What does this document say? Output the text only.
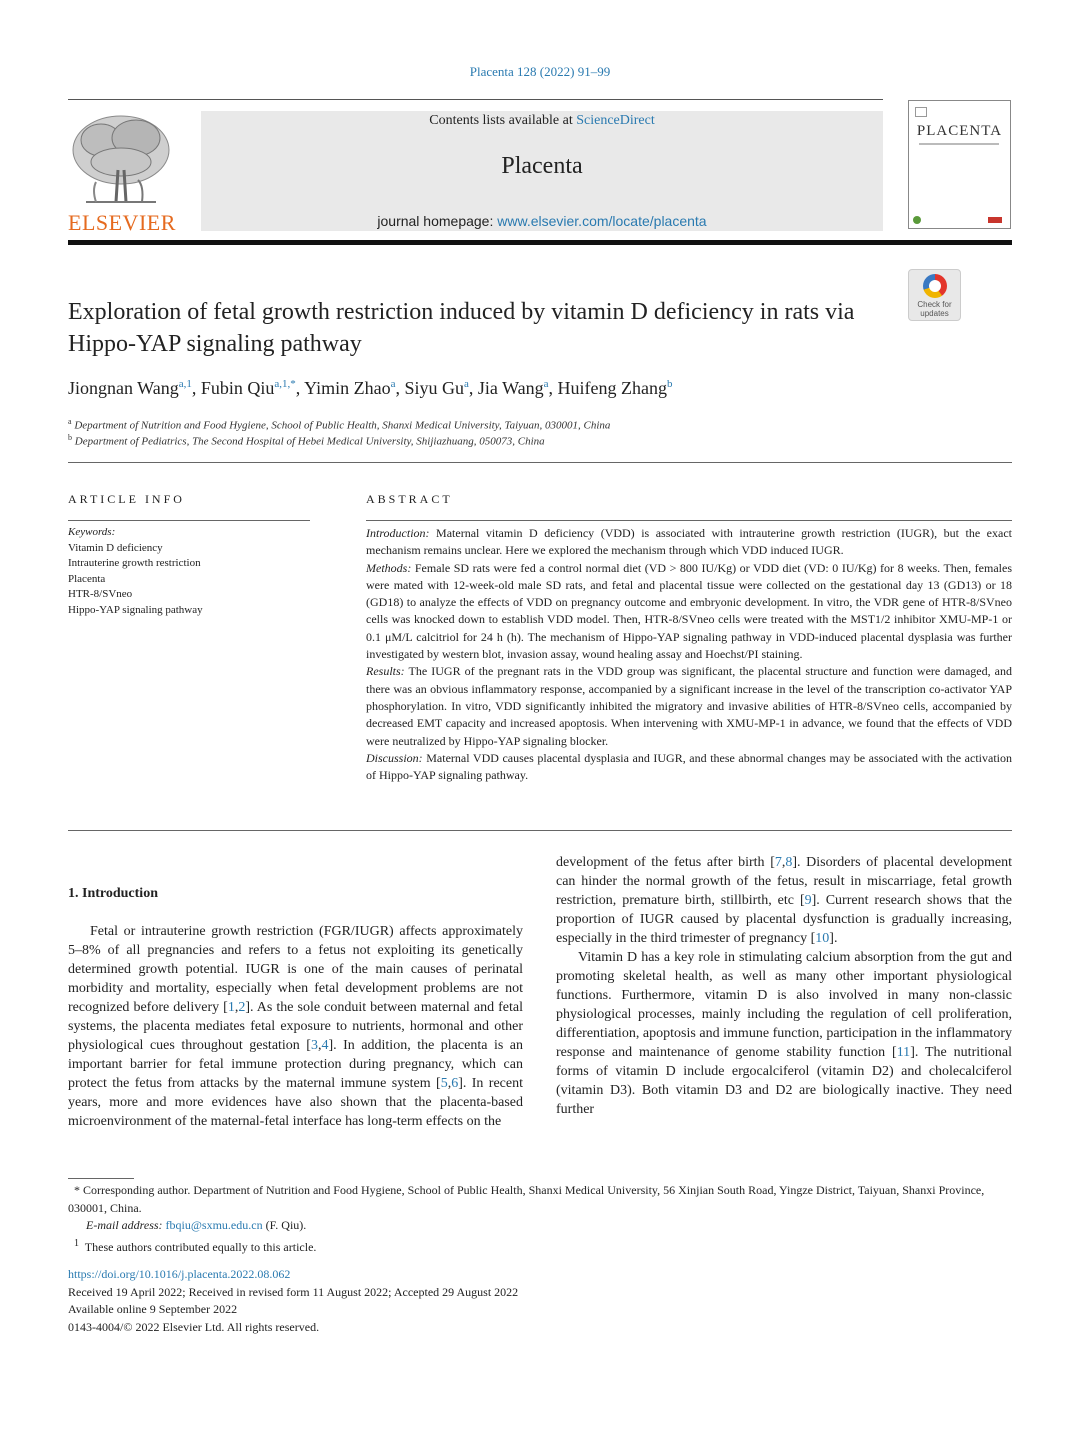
Placenta 128 (2022) 91–99
ELSEVIER
Contents lists available at ScienceDirect
Placenta
journal homepage: www.elsevier.com/locate/placenta
PLACENTA
Exploration of fetal growth restriction induced by vitamin D deficiency in rats via Hippo-YAP signaling pathway
Check for updates
Jiongnan Wang$^{a,1}$, Fubin Qiu$^{a,1,*}$, Yimin Zhao$^a$, Siyu Gu$^a$, Jia Wang$^a$, Huifeng Zhang$^b$
$^a$ Department of Nutrition and Food Hygiene, School of Public Health, Shanxi Medical University, Taiyuan, 030001, China
$^b$ Department of Pediatrics, The Second Hospital of Hebei Medical University, Shijiazhuang, 050073, China
ARTICLE INFO
Keywords:
Vitamin D deficiency
Intrauterine growth restriction
Placenta
HTR-8/SVneo
Hippo-YAP signaling pathway
ABSTRACT

Introduction: Maternal vitamin D deficiency (VDD) is associated with intrauterine growth restriction (IUGR), but the exact mechanism remains unclear. Here we explored the mechanism through which VDD induced IUGR.

Methods: Female SD rats were fed a control normal diet (VD > 800 IU/Kg) or VDD diet (VD: 0 IU/Kg) for 8 weeks. Then, females were mated with 12-week-old male SD rats, and fetal and placental tissue were collected on the gestational day 13 (GD13) or 18 (GD18) to analyze the effects of VDD on pregnancy outcome and embryonic development. In vitro, the VDR gene of HTR-8/SVneo cells was knocked down to establish VDD model. Then, HTR-8/SVneo cells were treated with the MST1/2 inhibitor XMU-MP-1 or 0.1 μM/L calcitriol for 24 h (h). The mechanism of Hippo-YAP signaling pathway in VDD-induced placental dysplasia was further investigated by western blot, invasion assay, wound healing assay and Hoechst/PI staining.

Results: The IUGR of the pregnant rats in the VDD group was significant, the placental structure and function were damaged, and there was an obvious inflammatory response, accompanied by a significant increase in the level of the transcription co-activator YAP phosphorylation. In vitro, VDD significantly inhibited the migratory and invasive abilities of HTR-8/SVneo cells, accompanied by decreased EMT capacity and increased apoptosis. When intervening with XMU-MP-1 in advance, we found that the effects of VDD were neutralized by Hippo-YAP signaling blocker.

Discussion: Maternal VDD causes placental dysplasia and IUGR, and these abnormal changes may be associated with the activation of Hippo-YAP signaling pathway.

1. Introduction

Fetal or intrauterine growth restriction (FGR/IUGR) affects approximately 5–8% of all pregnancies and refers to a fetus not exploiting its genetically determined growth potential. IUGR is one of the main causes of perinatal morbidity and mortality, especially when fetal development problems are not recognized before delivery [1,2]. As the sole conduit between maternal and fetal systems, the placenta mediates fetal exposure to nutrients, hormonal and other physiological cues throughout gestation [3,4]. In addition, the placenta is an important barrier for fetal immune protection during pregnancy, which can protect the fetus from attacks by the maternal immune system [5,6]. In recent years, more and more evidences have also shown that the placenta-based microenvironment of the maternal-fetal interface has long-term effects on the

development of the fetus after birth [7,8]. Disorders of placental development can hinder the normal growth of the fetus, result in miscarriage, fetal growth restriction, premature birth, stillbirth, etc [9]. Current research shows that the proportion of IUGR caused by placental dysfunction is gradually increasing, especially in the third trimester of pregnancy [10].

Vitamin D has a key role in stimulating calcium absorption from the gut and promoting skeletal health, as well as many other important physiological functions. Furthermore, vitamin D is also involved in many non-classic physiological processes, mainly including the regulation of cell proliferation, differentiation, apoptosis and immune function, participation in the inflammatory response and maintenance of genome stability function [11]. The nutritional forms of vitamin D include ergocalciferol (vitamin D2) and cholecalciferol (vitamin D3). Both vitamin D3 and D2 are biologically inactive. They need further

* Corresponding author. Department of Nutrition and Food Hygiene, School of Public Health, Shanxi Medical University, 56 Xinjian South Road, Yingze District, Taiyuan, Shanxi Province, 030001, China.

E-mail address: fbqiu@sxmu.edu.cn (F. Qiu).

$^1$ These authors contributed equally to this article.

https://doi.org/10.1016/j.placenta.2022.08.062

Received 19 April 2022; Received in revised form 11 August 2022; Accepted 29 August 2022

Available online 9 September 2022

0143-4004/© 2022 Elsevier Ltd. All rights reserved.
